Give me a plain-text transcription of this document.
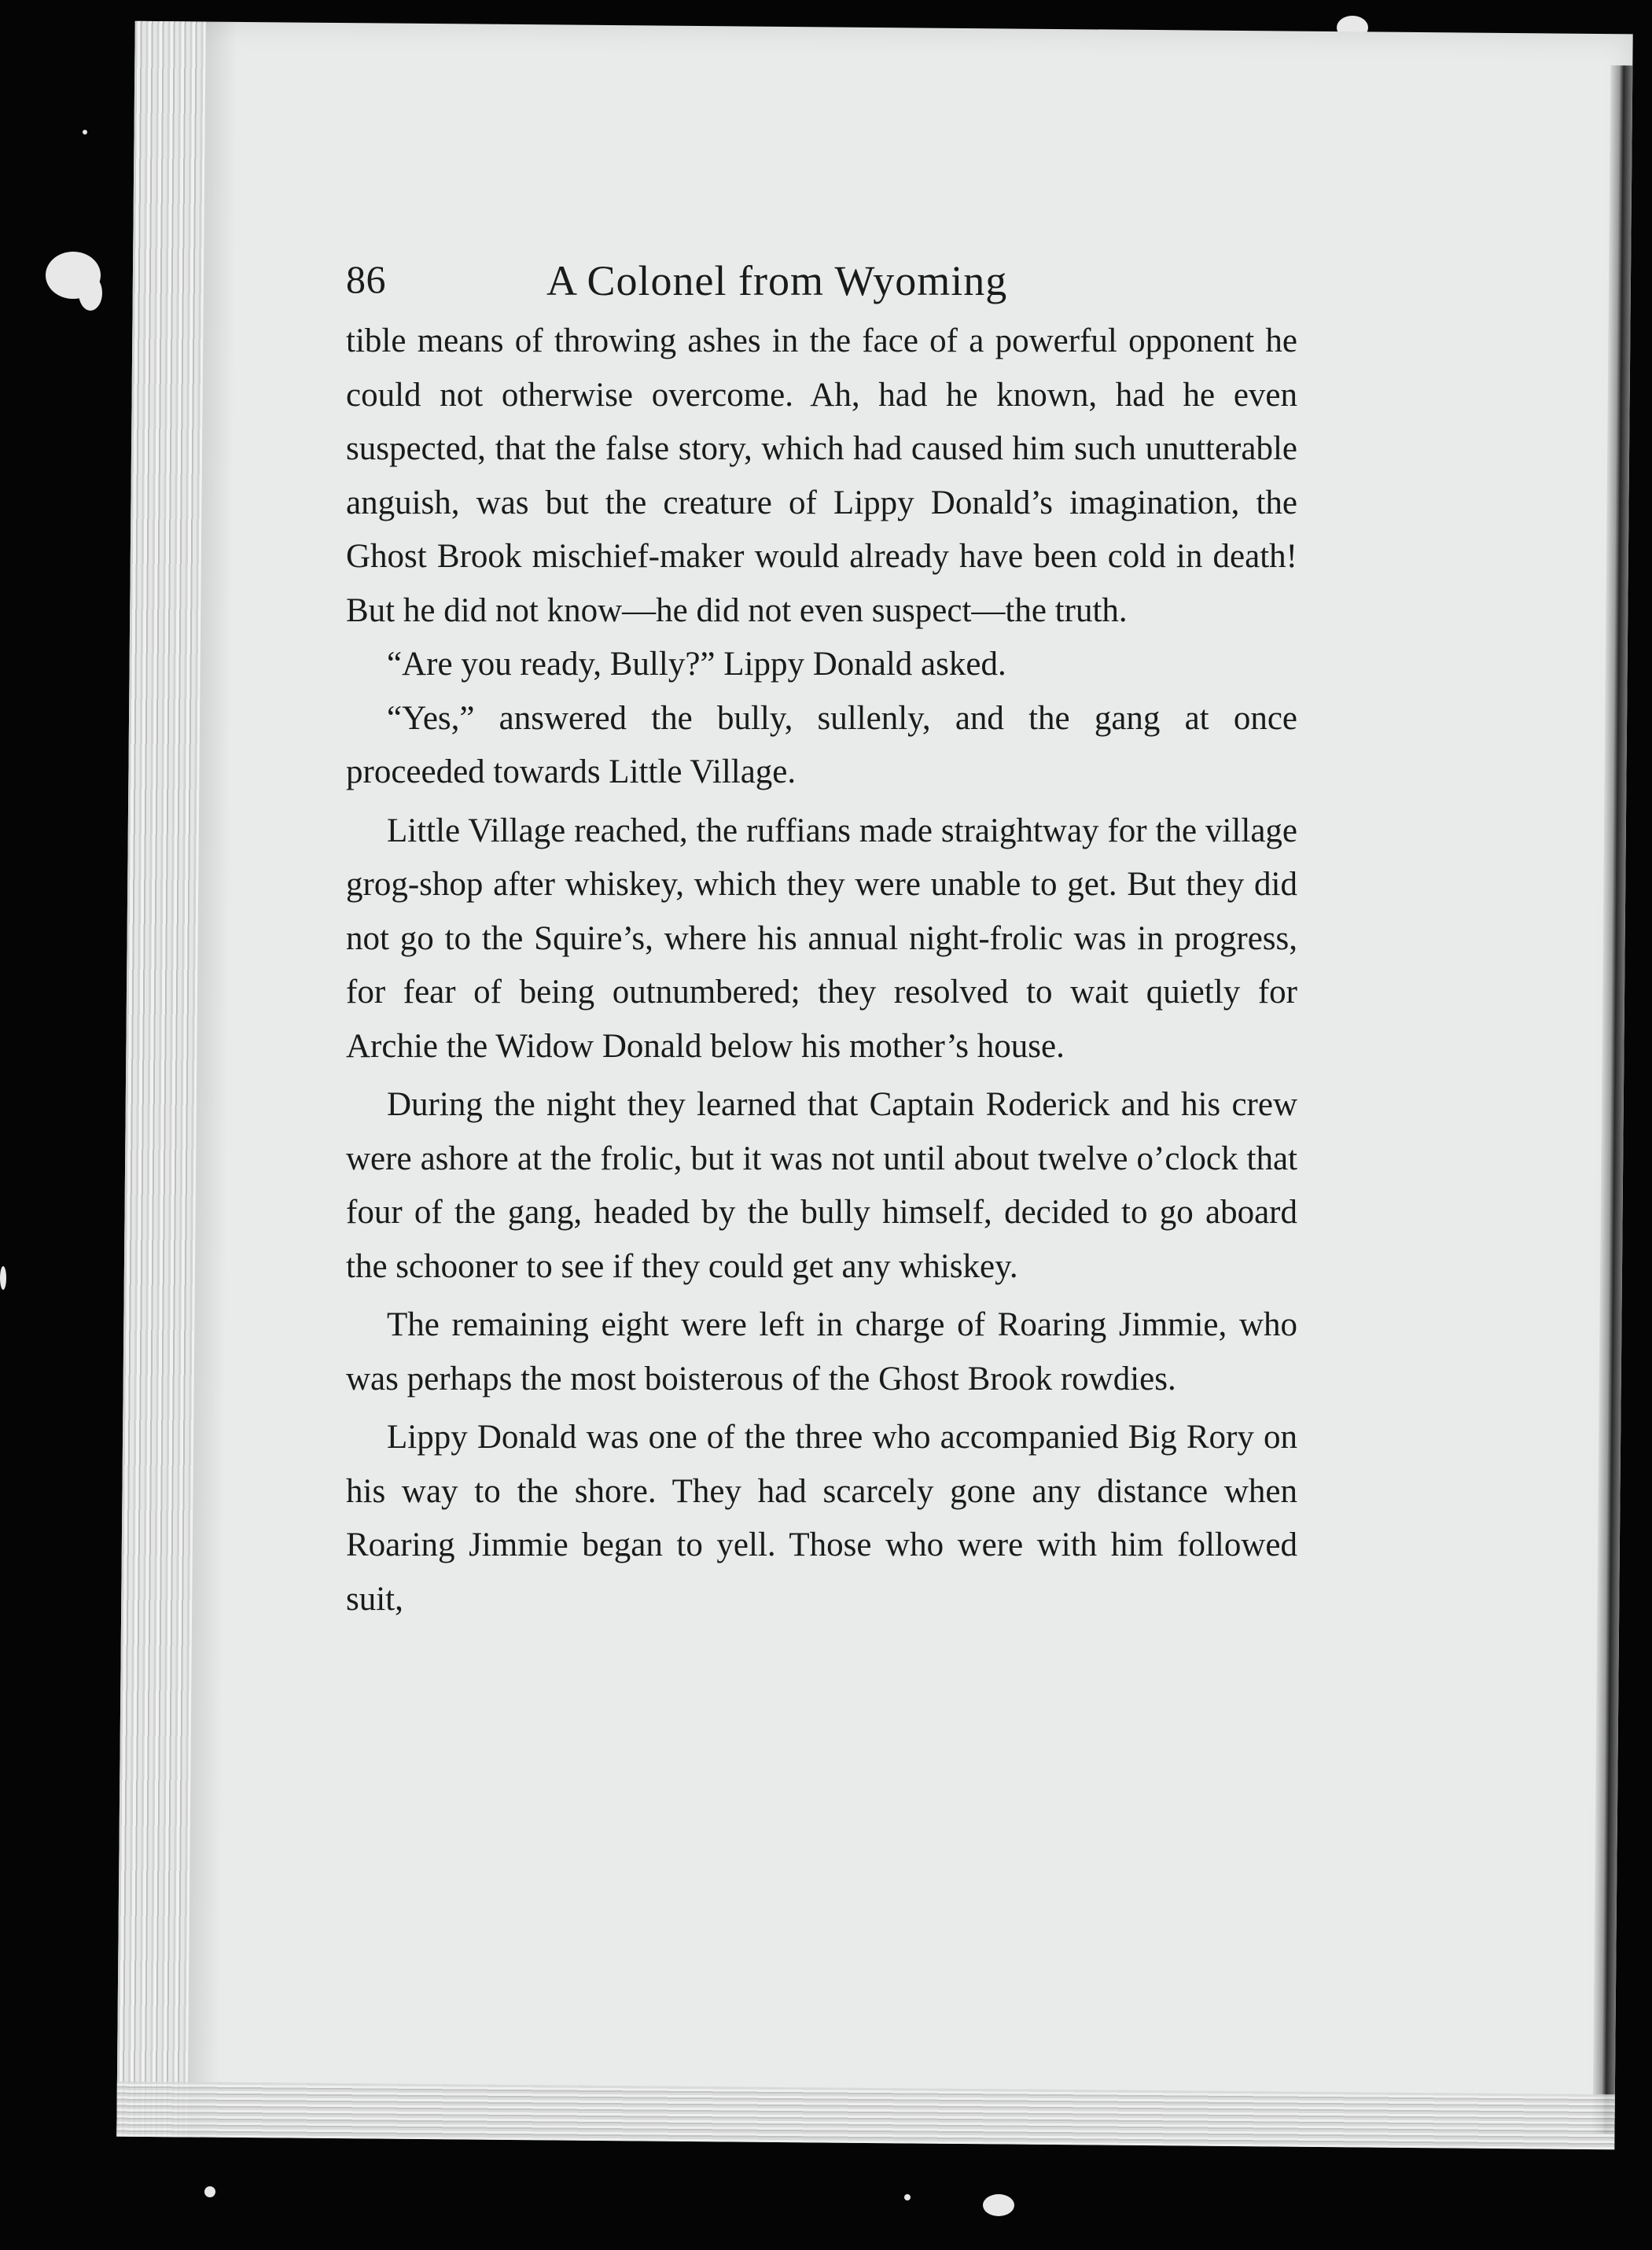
86	A Colonel from Wyoming

tible means of throwing ashes in the face of a powerful opponent he could not otherwise overcome. Ah, had he known, had he even suspected, that the false story, which had caused him such unutterable anguish, was but the creature of Lippy Donald’s imagination, the Ghost Brook mischief-maker would already have been cold in death! But he did not know—he did not even suspect—the truth.

“Are you ready, Bully?” Lippy Donald asked.

“Yes,” answered the bully, sullenly, and the gang at once proceeded towards Little Village.

Little Village reached, the ruffians made straightway for the village grog-shop after whiskey, which they were unable to get. But they did not go to the Squire’s, where his annual night-frolic was in progress, for fear of being outnumbered; they resolved to wait quietly for Archie the Widow Donald below his mother’s house.

During the night they learned that Captain Roderick and his crew were ashore at the frolic, but it was not until about twelve o’clock that four of the gang, headed by the bully himself, decided to go aboard the schooner to see if they could get any whiskey.

The remaining eight were left in charge of Roaring Jimmie, who was perhaps the most boisterous of the Ghost Brook rowdies.

Lippy Donald was one of the three who accompanied Big Rory on his way to the shore. They had scarcely gone any distance when Roaring Jimmie began to yell. Those who were with him followed suit,
